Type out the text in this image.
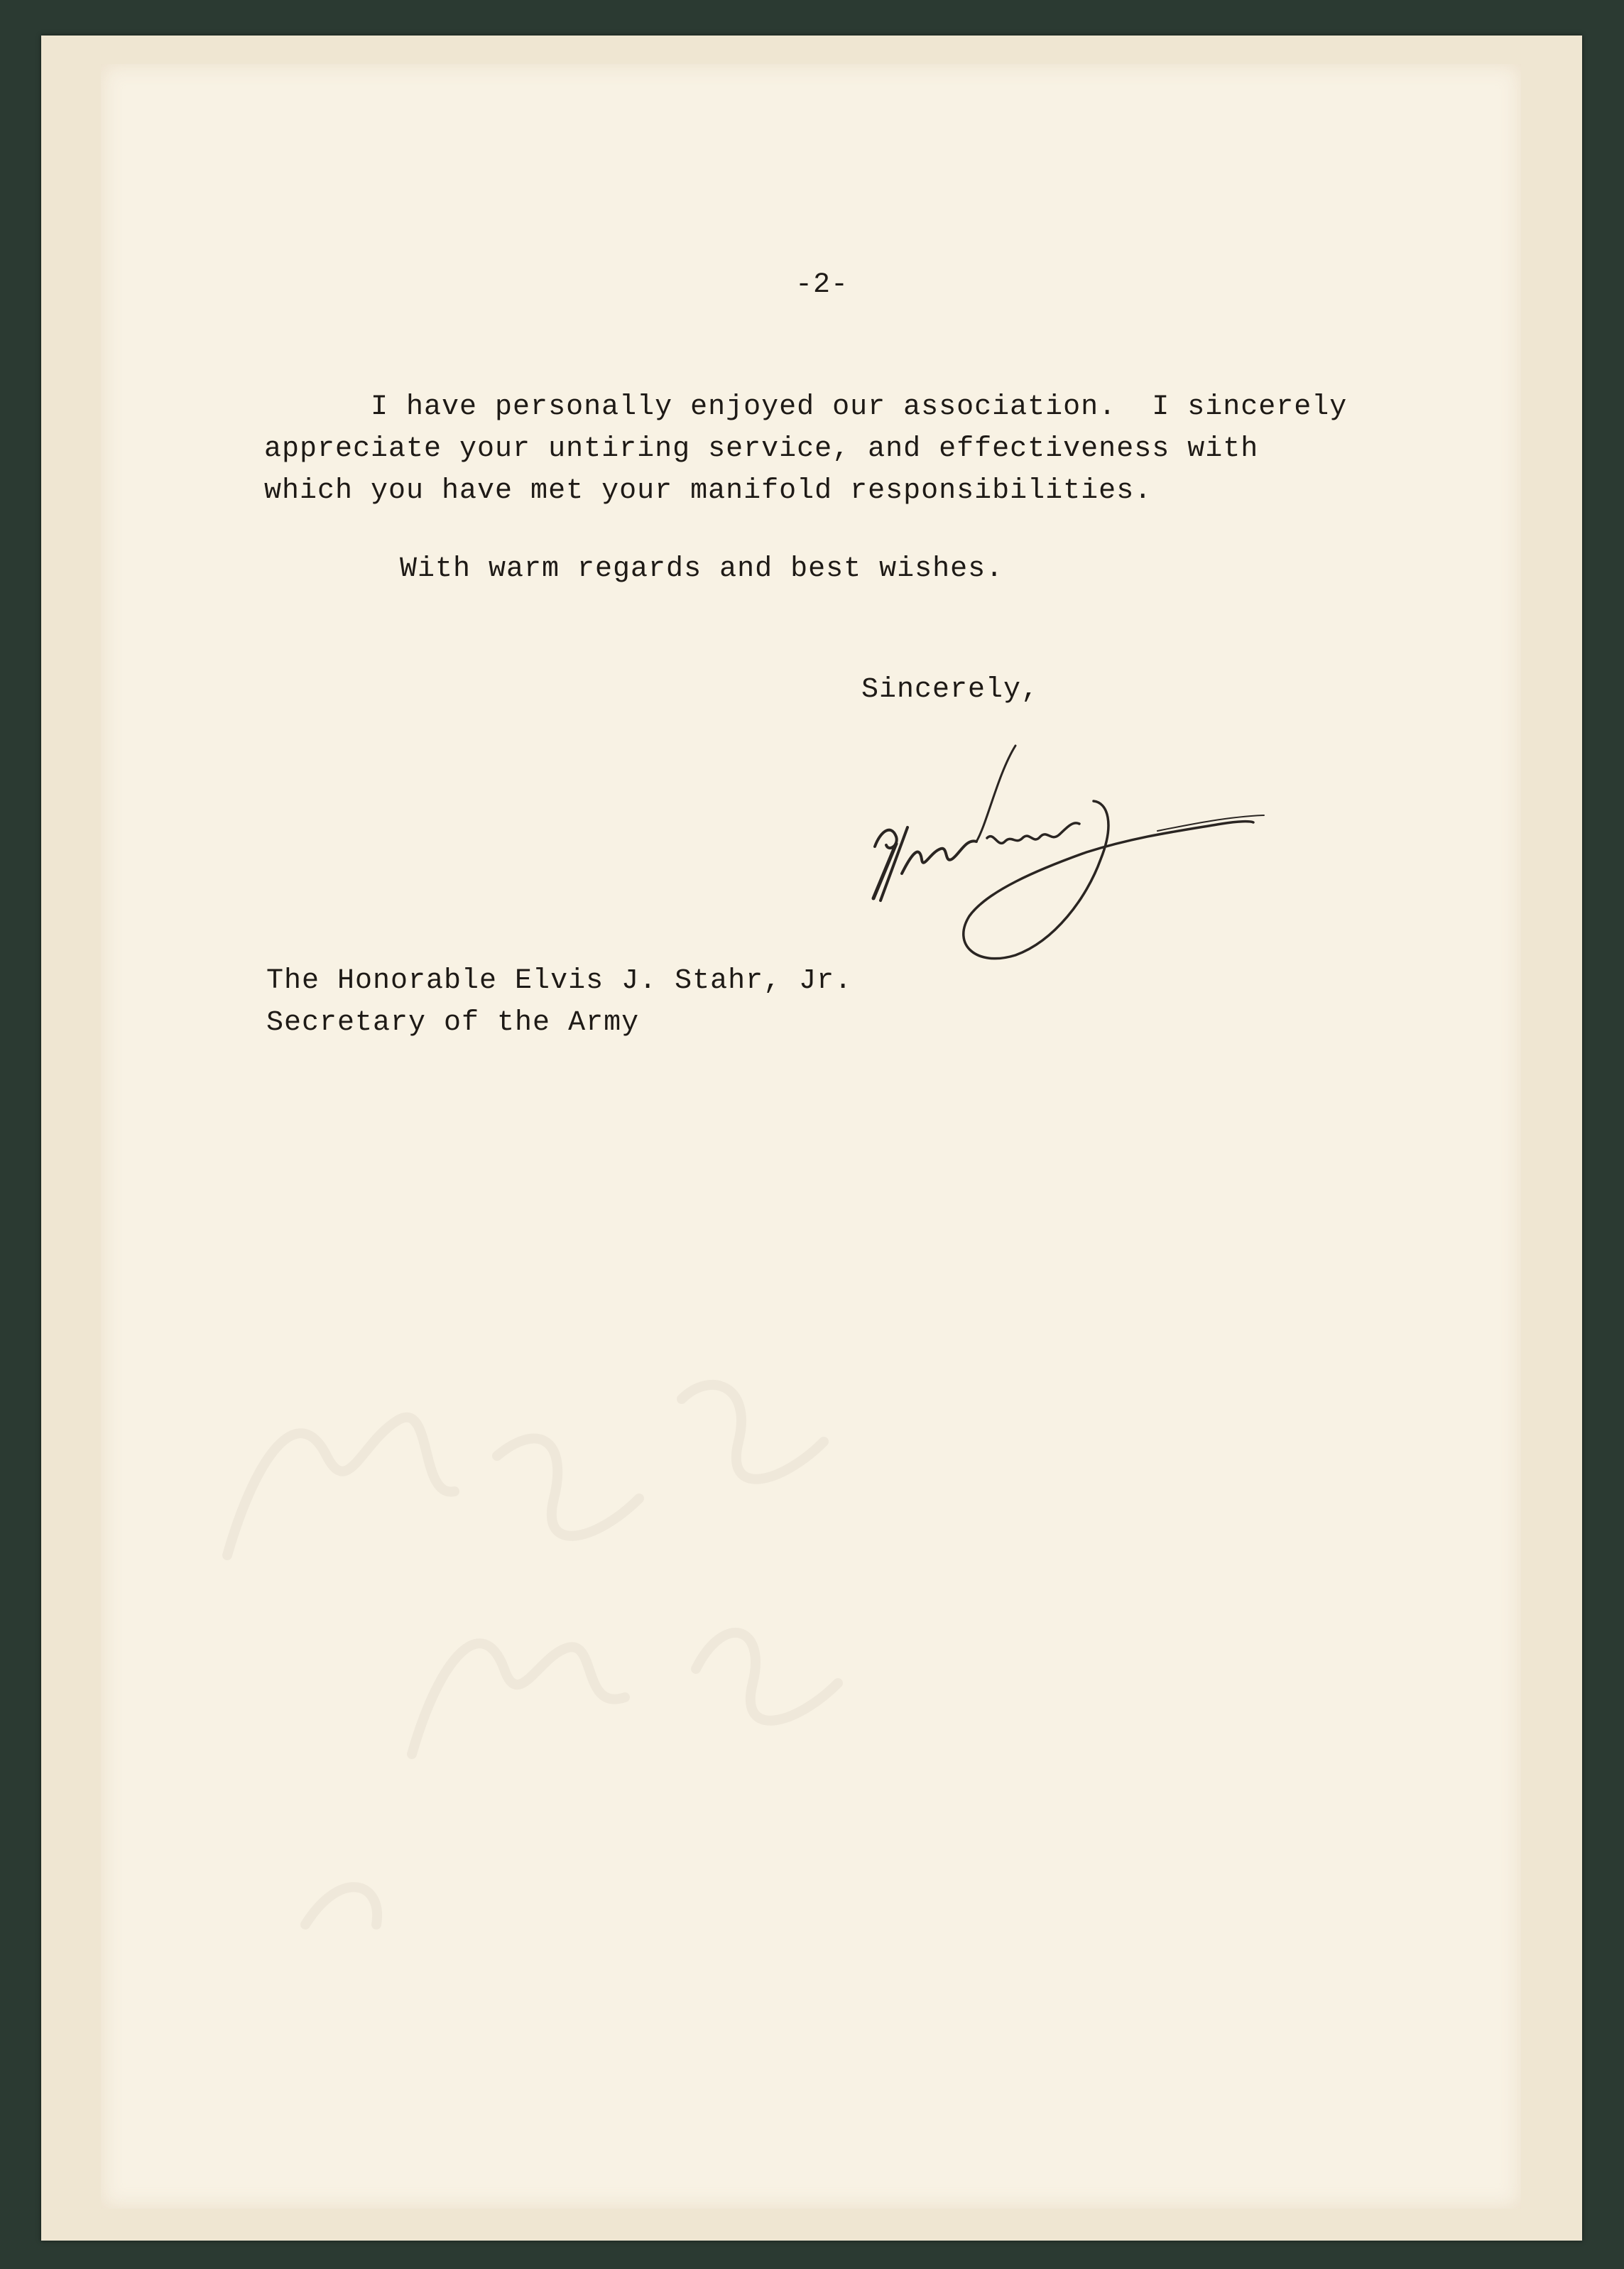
-2-
I have personally enjoyed our association.  I sincerely
appreciate your untiring service, and effectiveness with
which you have met your manifold responsibilities.
With warm regards and best wishes.
Sincerely,
The Honorable Elvis J. Stahr, Jr.
Secretary of the Army
